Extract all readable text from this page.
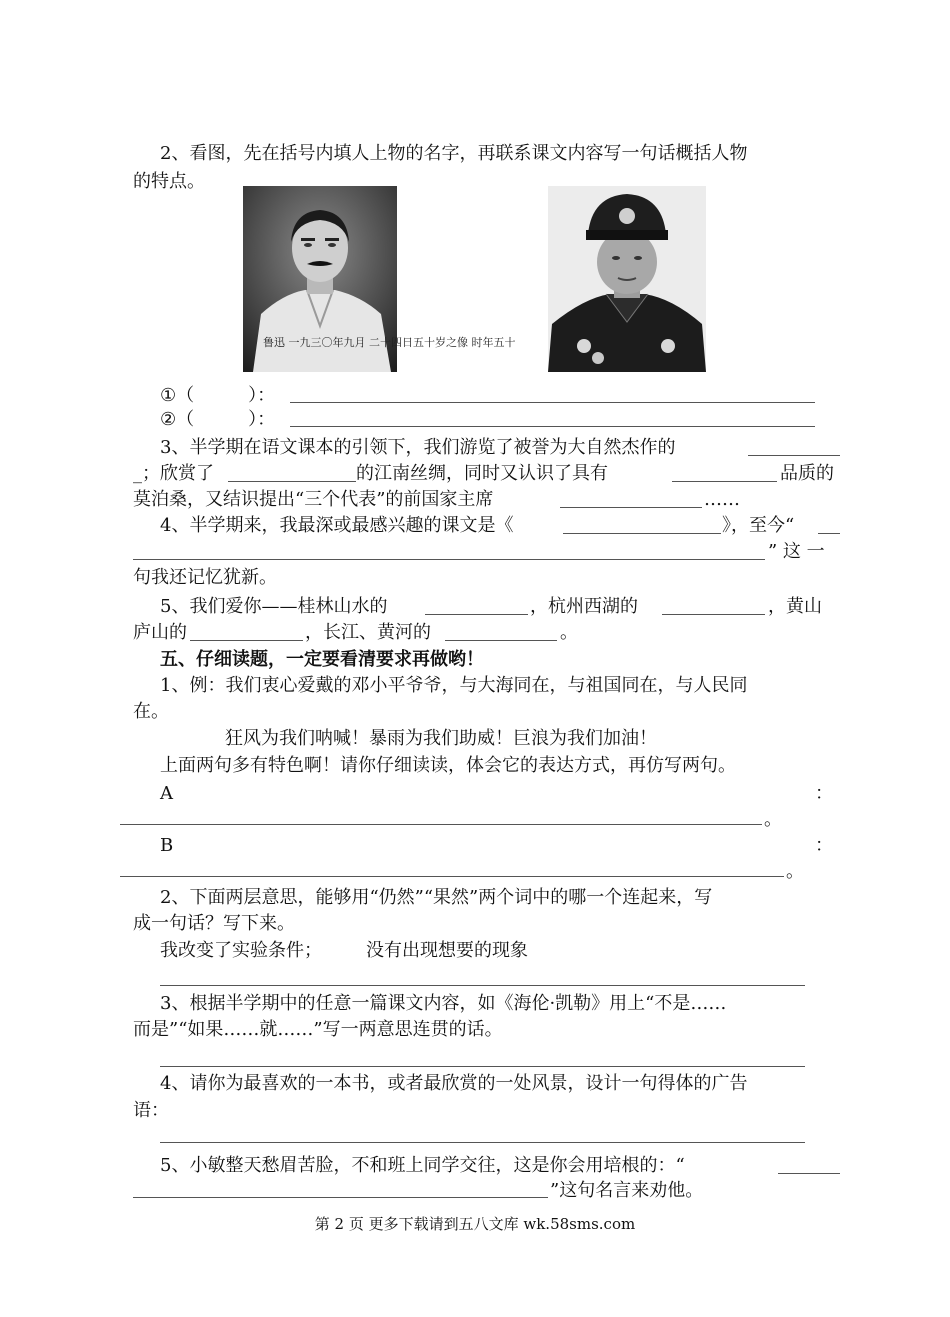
2、看图，先在括号内填人上物的名字，再联系课文内容写一句话概括人物
的特点。
鲁迅 一九三〇年九月 二十四日五十岁之像 时年五十
①（　　　）：
②（　　　）：
3、半学期在语文课本的引领下，我们游览了被誉为大自然杰作的
_；欣赏了	的江南丝绸，同时又认识了具有	品质的
莫泊桑，又结识提出“三个代表”的前国家主席	……
4、半学期来，我最深或最感兴趣的课文是《	》，至今“
” 这 一
句我还记忆犹新。
5、我们爱你——桂林山水的	，杭州西湖的	，黄山
庐山的	，长江、黄河的	。
五、仔细读题，一定要看清要求再做哟！
1、例：我们衷心爱戴的邓小平爷爷，与大海同在，与祖国同在，与人民同
在。
狂风为我们呐喊！暴雨为我们助威！巨浪为我们加油！
上面两句多有特色啊！请你仔细读读，体会它的表达方式，再仿写两句。
A	：
。
B	：
。
2、下面两层意思，能够用“仍然”“果然”两个词中的哪一个连起来，写
成一句话？写下来。
我改变了实验条件； 没有出现想要的现象
3、根据半学期中的任意一篇课文内容，如《海伦·凯勒》用上“不是……
而是”“如果……就……”写一两意思连贯的话。
4、请你为最喜欢的一本书，或者最欣赏的一处风景，设计一句得体的广告
语：
5、小敏整天愁眉苦脸，不和班上同学交往，这是你会用培根的：“
”这句名言来劝他。
第 2 页 更多下载请到五八文库 wk.58sms.com
